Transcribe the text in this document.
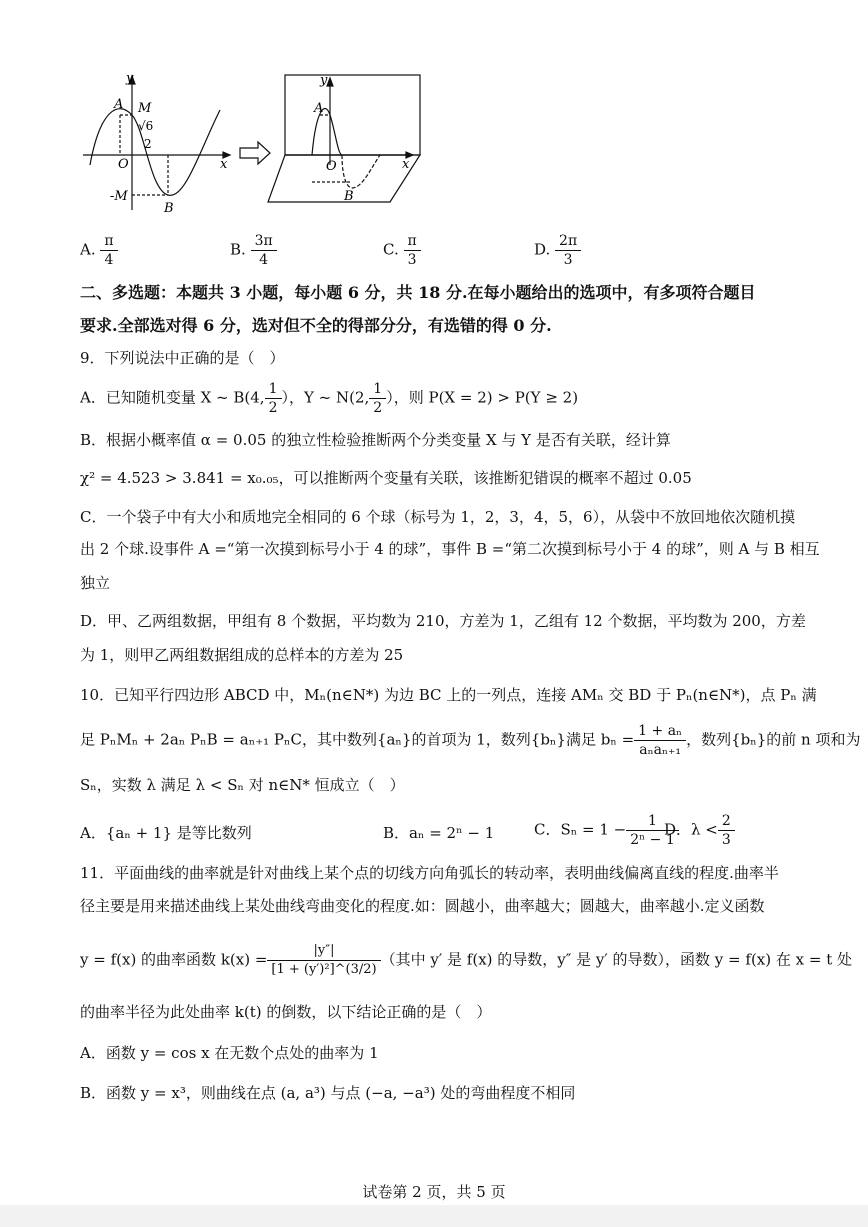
y
A M
√6
2
O	x
-M
B
y
A
O	x
B
A. $\frac{\pi}{4}$	B. $\frac{3\pi}{4}$	C. $\frac{\pi}{3}$	D. $\frac{2\pi}{3}$
二、多选题：本题共 3 小题，每小题 6 分，共 18 分.在每小题给出的选项中，有多项符合题目
要求.全部选对得 6 分，选对但不全的得部分分，有选错的得 0 分.
9．下列说法中正确的是（　）
A．已知随机变量 X ~ B(4, $\frac{1}{2}$ ），Y ~ N(2, $\frac{1}{2}$ ），则 P(X = 2) > P(Y ≥ 2)
B．根据小概率值 α = 0.05 的独立性检验推断两个分类变量 X 与 Y 是否有关联，经计算
χ² = 4.523 > 3.841 = x₀.₀₅，可以推断两个变量有关联，该推断犯错误的概率不超过 0.05
C．一个袋子中有大小和质地完全相同的 6 个球（标号为 1，2，3，4，5，6），从袋中不放回地依次随机摸
出 2 个球.设事件 A =“第一次摸到标号小于 4 的球”，事件 B =“第二次摸到标号小于 4 的球”，则 A 与 B 相互
独立
D．甲、乙两组数据，甲组有 8 个数据，平均数为 210，方差为 1，乙组有 12 个数据，平均数为 200，方差
为 1，则甲乙两组数据组成的总样本的方差为 25
10．已知平行四边形 ABCD 中，Mₙ(n∈N*) 为边 BC 上的一列点，连接 AMₙ 交 BD 于 Pₙ(n∈N*)，点 Pₙ 满
足 PₙMₙ + 2aₙ PₙB = aₙ₊₁ PₙC，其中数列{aₙ}的首项为 1，数列{bₙ}满足 $b_n = \frac{\text{1 + aₙ}}{\text{aₙaₙ₊₁}}$ ，数列{bₙ}的前 n 项和为
Sₙ，实数 λ 满足 λ < Sₙ 对 n∈N* 恒成立（　）
A．{aₙ + 1} 是等比数列	B．aₙ = 2ⁿ − 1	C．$S_n = 1 - \frac{1}{\text{2ⁿ − 1}}$
D．$\lambda < \frac{2}{3}$
11．平面曲线的曲率就是针对曲线上某个点的切线方向角弧长的转动率，表明曲线偏离直线的程度.曲率半
径主要是用来描述曲线上某处曲线弯曲变化的程度.如：圆越小，曲率越大；圆越大，曲率越小.定义函数
y = f(x) 的曲率函数 $k(x) = \frac{|y''|}{\text{[1 + (y′)²]\textasciicircum{}(3/2)}}$ （其中 y′ 是 f(x) 的导数，y″ 是 y′ 的导数），函数 y = f(x) 在 x = t 处
的曲率半径为此处曲率 k(t) 的倒数，以下结论正确的是（　）
A．函数 y = cos x 在无数个点处的曲率为 1
B．函数 y = x³，则曲线在点 (a, a³) 与点 (−a, −a³) 处的弯曲程度不相同
试卷第 2 页，共 5 页
